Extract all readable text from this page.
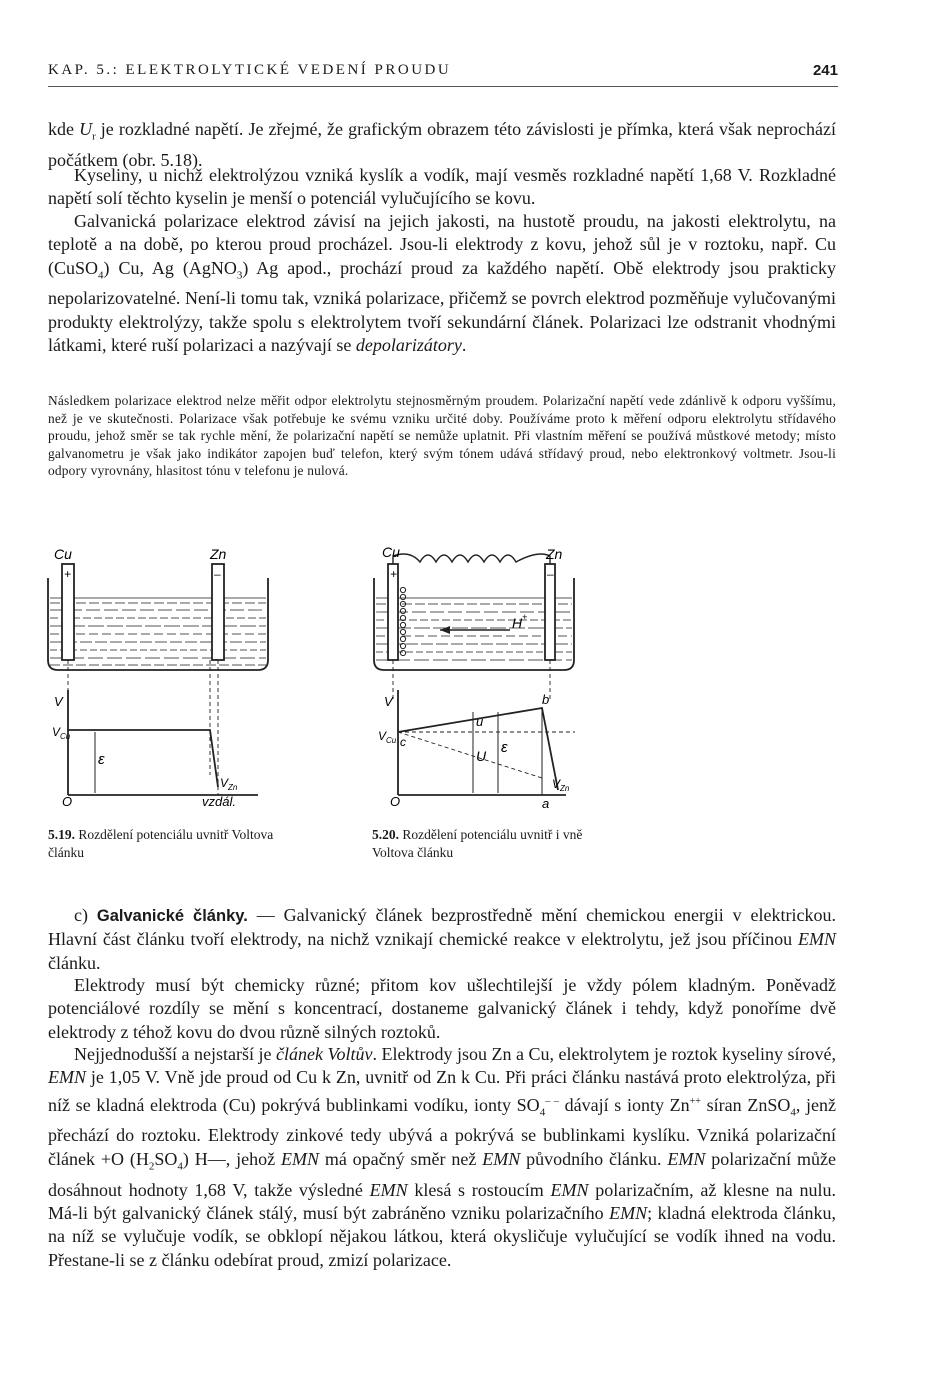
KAP. 5.: ELEKTROLYTICKÉ VEDENÍ PROUDU	241

kde $U_r$ je rozkladné napětí. Je zřejmé, že grafickým obrazem této závislosti je přímka, která však neprochází počátkem (obr. 5.18).

Kyseliny, u nichž elektrolýzou vzniká kyslík a vodík, mají vesměs rozkladné napětí 1,68 V. Rozkladné napětí solí těchto kyselin je menší o potenciál vylučujícího se kovu.

Galvanická polarizace elektrod závisí na jejich jakosti, na hustotě proudu, na jakosti elektrolytu, na teplotě a na době, po kterou proud procházel. Jsou-li elektrody z kovu, jehož sůl je v roztoku, např. Cu (CuSO$_4$) Cu, Ag (AgNO$_3$) Ag apod., prochází proud za každého napětí. Obě elektrody jsou prakticky nepolarizovatelné. Není-li tomu tak, vzniká polarizace, přičemž se povrch elektrod pozměňuje vylučovanými produkty elektrolýzy, takže spolu s elektrolytem tvoří sekundární článek. Polarizaci lze odstranit vhodnými látkami, které ruší polarizaci a nazývají se depolarizátory.

Následkem polarizace elektrod nelze měřit odpor elektrolytu stejnosměrným proudem. Polarizační napětí vede zdánlivě k odporu vyššímu, než je ve skutečnosti. Polarizace však potřebuje ke svému vzniku určité doby. Používáme proto k měření odporu elektrolytu střídavého proudu, jehož směr se tak rychle mění, že polarizační napětí se nemůže uplatnit. Při vlastním měření se používá můstkové metody; místo galvanometru je však jako indikátor zapojen buď telefon, který svým tónem udává střídavý proud, nebo elektronkový voltmetr. Jsou-li odpory vyrovnány, hlasitost tónu v telefonu je nulová.

Cu	Zn
+	–
V
V Cu
ε
V Zn
O	vzdál.

5.19. Rozdělení potenciálu uvnitř Voltova článku

Cu	Zn
+	–
H +
V
V Cu c
b
u
U ε
V Zn
O	a

5.20. Rozdělení potenciálu uvnitř i vně Voltova článku

c) Galvanické články. — Galvanický článek bezprostředně mění chemickou energii v elektrickou. Hlavní část článku tvoří elektrody, na nichž vznikají chemické reakce v elektrolytu, jež jsou příčinou EMN článku.

Elektrody musí být chemicky různé; přitom kov ušlechtilejší je vždy pólem kladným. Poněvadž potenciálové rozdíly se mění s koncentrací, dostaneme galvanický článek i tehdy, když ponoříme dvě elektrody z téhož kovu do dvou různě silných roztoků.

Nejjednodušší a nejstarší je článek Voltův. Elektrody jsou Zn a Cu, elektrolytem je roztok kyseliny sírové, EMN je 1,05 V. Vně jde proud od Cu k Zn, uvnitř od Zn k Cu. Při práci článku nastává proto elektrolýza, při níž se kladná elektroda (Cu) pokrývá bublinkami vodíku, ionty $SO_4^{- -}$ dávají s ionty Zn++ síran ZnSO$_4$, jenž přechází do roztoku. Elektrody zinkové tedy ubývá a pokrývá se bublinkami kyslíku. Vzniká polarizační článek +O $(H_2SO_4)$ H—, jehož EMN má opačný směr než EMN původního článku. EMN polarizační může dosáhnout hodnoty 1,68 V, takže výsledné EMN klesá s rostoucím EMN polarizačním, až klesne na nulu. Má-li být galvanický článek stálý, musí být zabráněno vzniku polarizačního EMN; kladná elektroda článku, na níž se vylučuje vodík, se obklopí nějakou látkou, která okysličuje vylučující se vodík ihned na vodu. Přestane-li se z článku odebírat proud, zmizí polarizace.
